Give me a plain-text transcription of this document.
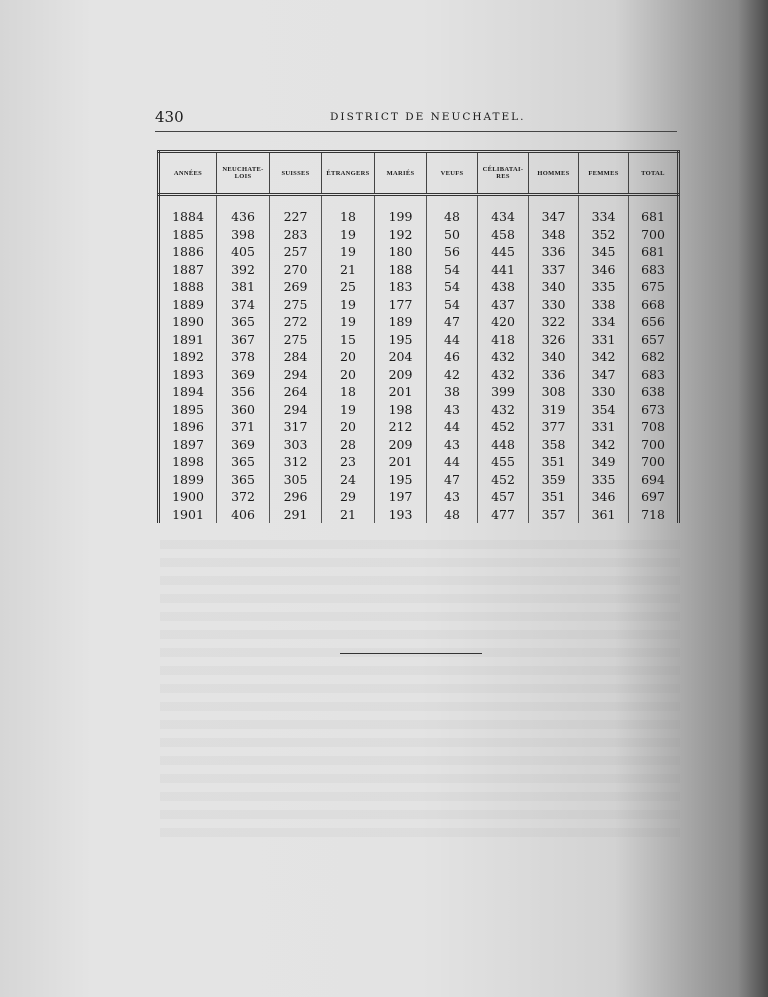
430	DISTRICT DE NEUCHATEL.
ANNÉES	NEUCHATE-LOIS	SUISSES	ÉTRANGERS	MARIÉS	VEUFS	CÉLIBATAI-RES	HOMMES	FEMMES	TOTAL

1884	436	227	18	199	48	434	347	334	681
1885	398	283	19	192	50	458	348	352	700
1886	405	257	19	180	56	445	336	345	681
1887	392	270	21	188	54	441	337	346	683
1888	381	269	25	183	54	438	340	335	675
1889	374	275	19	177	54	437	330	338	668
1890	365	272	19	189	47	420	322	334	656
1891	367	275	15	195	44	418	326	331	657
1892	378	284	20	204	46	432	340	342	682
1893	369	294	20	209	42	432	336	347	683
1894	356	264	18	201	38	399	308	330	638
1895	360	294	19	198	43	432	319	354	673
1896	371	317	20	212	44	452	377	331	708
1897	369	303	28	209	43	448	358	342	700
1898	365	312	23	201	44	455	351	349	700
1899	365	305	24	195	47	452	359	335	694
1900	372	296	29	197	43	457	351	346	697
1901	406	291	21	193	48	477	357	361	718
